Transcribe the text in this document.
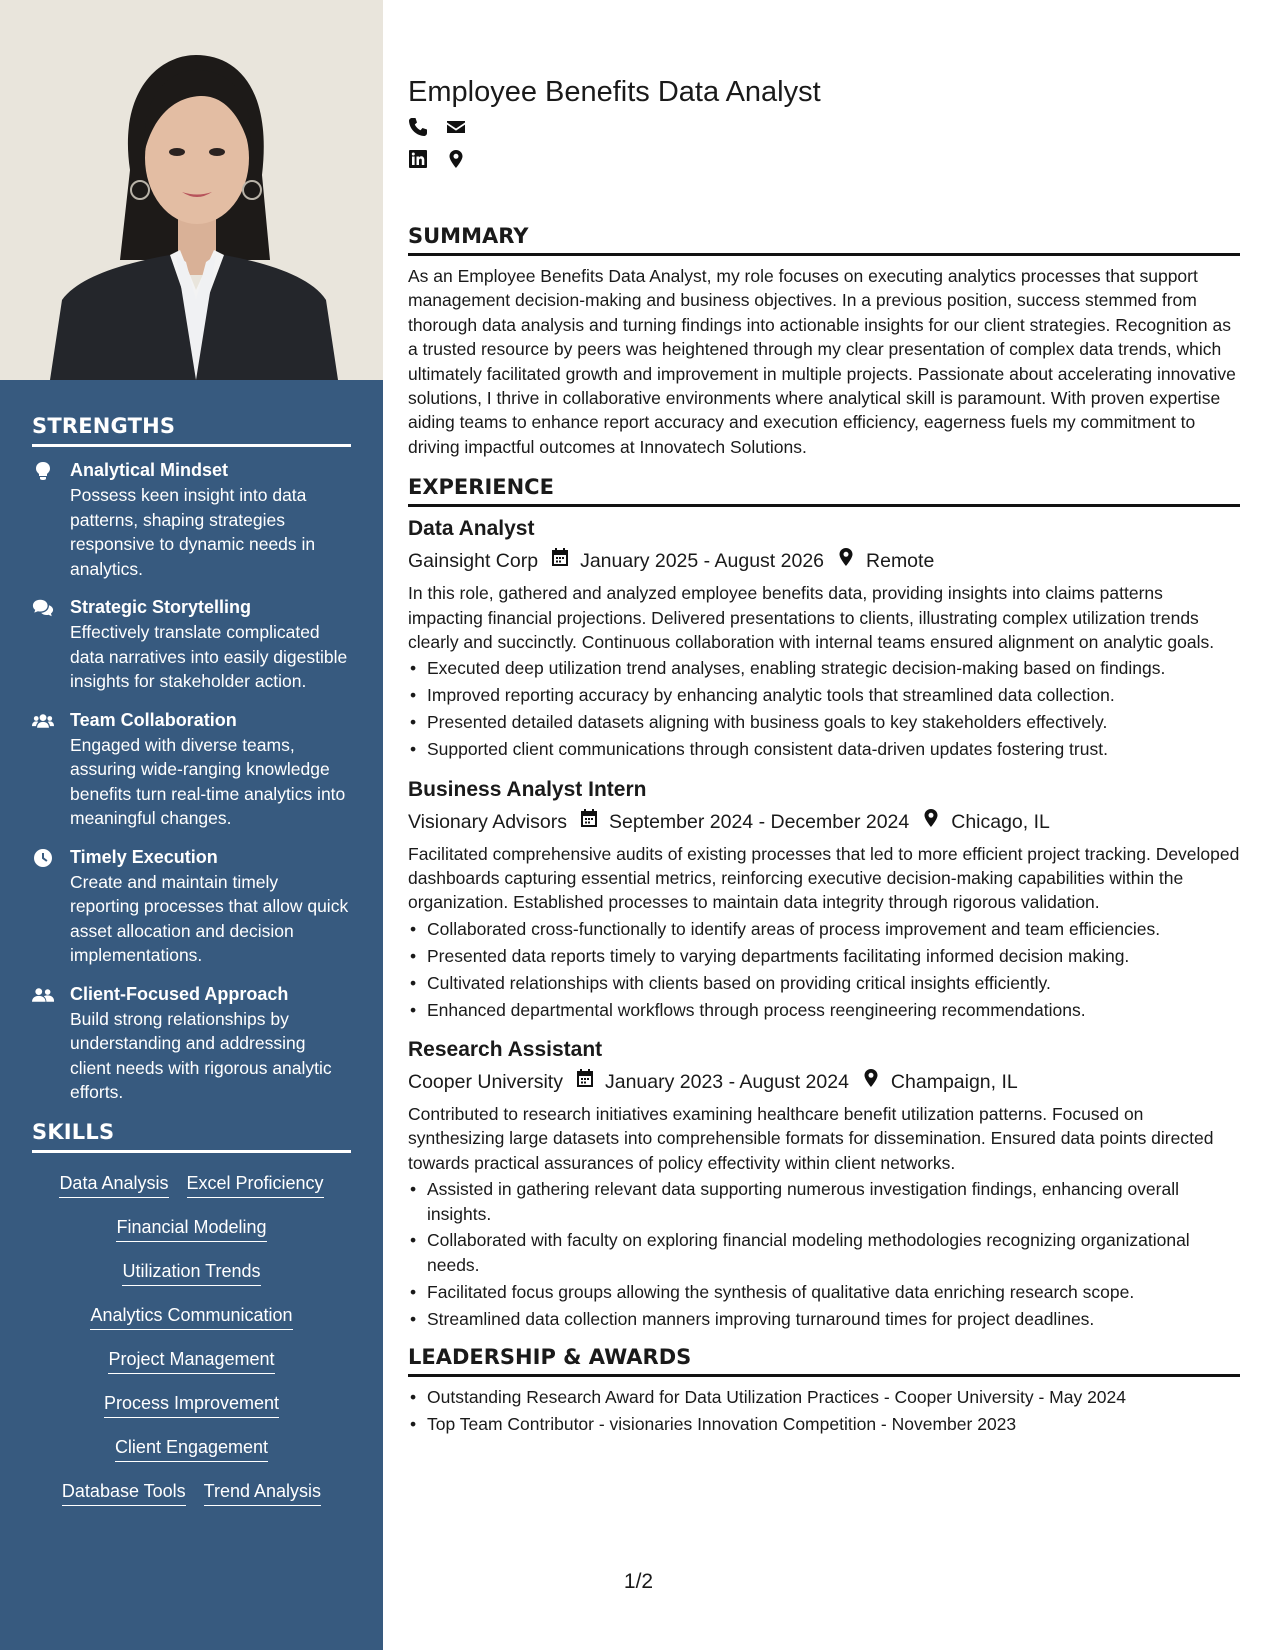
STRENGTHS
Analytical Mindset
Possess keen insight into data patterns, shaping strategies responsive to dynamic needs in analytics.
Strategic Storytelling
Effectively translate complicated data narratives into easily digestible insights for stakeholder action.
Team Collaboration
Engaged with diverse teams, assuring wide-ranging knowledge benefits turn real-time analytics into meaningful changes.
Timely Execution
Create and maintain timely reporting processes that allow quick asset allocation and decision implementations.
Client-Focused Approach
Build strong relationships by understanding and addressing client needs with rigorous analytic efforts.
SKILLS
Data Analysis Excel Proficiency
Financial Modeling
Utilization Trends
Analytics Communication
Project Management
Process Improvement
Client Engagement
Database Tools Trend Analysis
Employee Benefits Data Analyst
SUMMARY

As an Employee Benefits Data Analyst, my role focuses on executing analytics processes that support management decision-making and business objectives. In a previous position, success stemmed from thorough data analysis and turning findings into actionable insights for our client strategies. Recognition as a trusted resource by peers was heightened through my clear presentation of complex data trends, which ultimately facilitated growth and improvement in multiple projects. Passionate about accelerating innovative solutions, I thrive in collaborative environments where analytical skill is paramount. With proven expertise aiding teams to enhance report accuracy and execution efficiency, eagerness fuels my commitment to driving impactful outcomes at Innovatech Solutions.

EXPERIENCE
Data Analyst
Gainsight Corp January 2025 - August 2026 Remote

In this role, gathered and analyzed employee benefits data, providing insights into claims patterns impacting financial projections. Delivered presentations to clients, illustrating complex utilization trends clearly and succinctly. Continuous collaboration with internal teams ensured alignment on analytic goals.

• Executed deep utilization trend analyses, enabling strategic decision-making based on findings.
• Improved reporting accuracy by enhancing analytic tools that streamlined data collection.
• Presented detailed datasets aligning with business goals to key stakeholders effectively.
• Supported client communications through consistent data-driven updates fostering trust.
Business Analyst Intern
Visionary Advisors September 2024 - December 2024 Chicago, IL

Facilitated comprehensive audits of existing processes that led to more efficient project tracking. Developed dashboards capturing essential metrics, reinforcing executive decision-making capabilities within the organization. Established processes to maintain data integrity through rigorous validation.

• Collaborated cross-functionally to identify areas of process improvement and team efficiencies.
• Presented data reports timely to varying departments facilitating informed decision making.
• Cultivated relationships with clients based on providing critical insights efficiently.
• Enhanced departmental workflows through process reengineering recommendations.
Research Assistant
Cooper University January 2023 - August 2024 Champaign, IL

Contributed to research initiatives examining healthcare benefit utilization patterns. Focused on synthesizing large datasets into comprehensible formats for dissemination. Ensured data points directed towards practical assurances of policy effectivity within client networks.

• Assisted in gathering relevant data supporting numerous investigation findings, enhancing overall insights.
• Collaborated with faculty on exploring financial modeling methodologies recognizing organizational needs.
• Facilitated focus groups allowing the synthesis of qualitative data enriching research scope.
• Streamlined data collection manners improving turnaround times for project deadlines.
LEADERSHIP & AWARDS
• Outstanding Research Award for Data Utilization Practices - Cooper University - May 2024
• Top Team Contributor - visionaries Innovation Competition - November 2023
1/2
